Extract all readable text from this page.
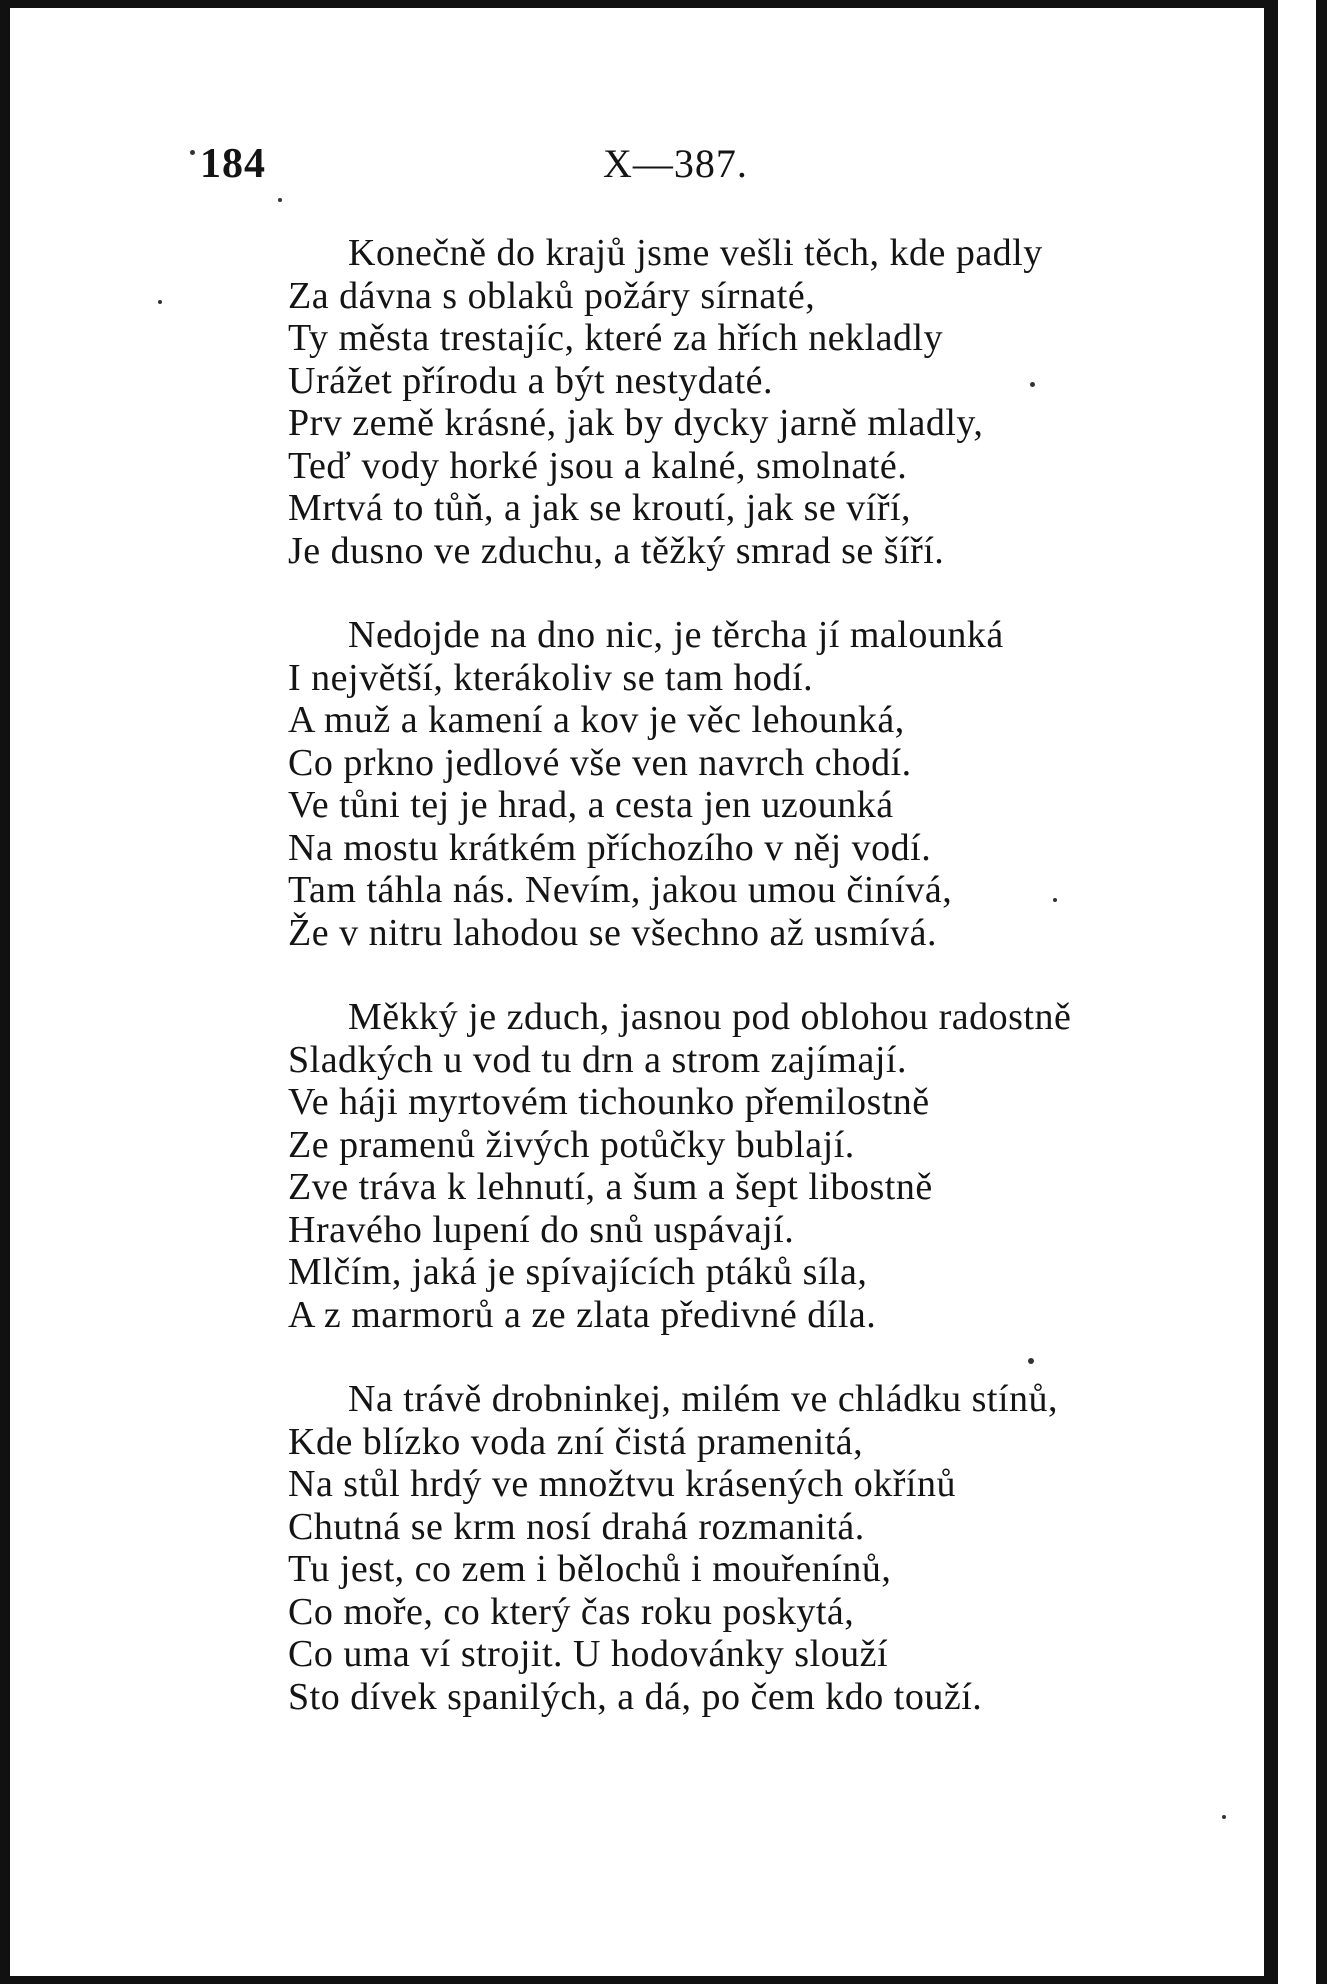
184	X—387.
Konečně do krajů jsme vešli těch, kde padly
Za dávna s oblaků požáry sírnaté,
Ty města trestajíc, které za hřích nekladly
Urážet přírodu a být nestydaté.
Prv země krásné, jak by dycky jarně mladly,
Teď vody horké jsou a kalné, smolnaté.
Mrtvá to tůň, a jak se kroutí, jak se víří,
Je dusno ve zduchu, a těžký smrad se šíří.
Nedojde na dno nic, je těrcha jí malounká
I největší, kterákoliv se tam hodí.
A muž a kamení a kov je věc lehounká,
Co prkno jedlové vše ven navrch chodí.
Ve tůni tej je hrad, a cesta jen uzounká
Na mostu krátkém příchozího v něj vodí.
Tam táhla nás. Nevím, jakou umou činívá,
Že v nitru lahodou se všechno až usmívá.
Měkký je zduch, jasnou pod oblohou radostně
Sladkých u vod tu drn a strom zajímají.
Ve háji myrtovém tichounko přemilostně
Ze pramenů živých potůčky bublají.
Zve tráva k lehnutí, a šum a šept libostně
Hravého lupení do snů uspávají.
Mlčím, jaká je spívajících ptáků síla,
A z marmorů a ze zlata předivné díla.
Na trávě drobninkej, milém ve chládku stínů,
Kde blízko voda zní čistá pramenitá,
Na stůl hrdý ve množtvu krásených okřínů
Chutná se krm nosí drahá rozmanitá.
Tu jest, co zem i bělochů i mouřenínů,
Co moře, co který čas roku poskytá,
Co uma ví strojit. U hodovánky slouží
Sto dívek spanilých, a dá, po čem kdo touží.
